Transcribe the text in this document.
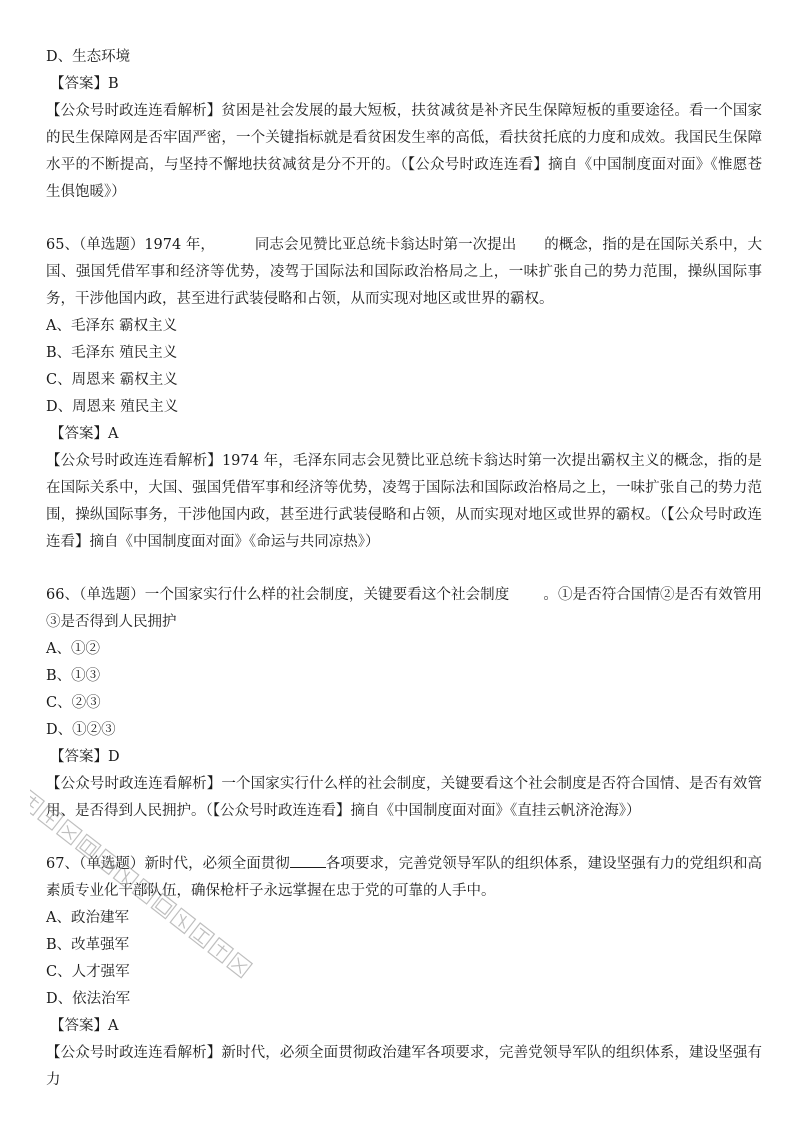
D、生态环境

【答案】B

【公众号时政连连看解析】贫困是社会发展的最大短板，扶贫减贫是补齐民生保障短板的重要途径。看一个国家的民生保障网是否牢固严密，一个关键指标就是看贫困发生率的高低，看扶贫托底的力度和成效。我国民生保障水平的不断提高，与坚持不懈地扶贫减贫是分不开的。（【公众号时政连连看】摘自《中国制度面对面》《惟愿苍生俱饱暖》）

65、（单选题）1974 年，	同志会见赞比亚总统卡翁达时第一次提出 的概念，指的是在国际关系中，大国、强国凭借军事和经济等优势，凌驾于国际法和国际政治格局之上，一味扩张自己的势力范围，操纵国际事务，干涉他国内政，甚至进行武装侵略和占领，从而实现对地区或世界的霸权。

A、毛泽东 霸权主义

B、毛泽东 殖民主义

C、周恩来 霸权主义

D、周恩来 殖民主义

【答案】A

【公众号时政连连看解析】1974 年，毛泽东同志会见赞比亚总统卡翁达时第一次提出霸权主义的概念，指的是在国际关系中，大国、强国凭借军事和经济等优势，凌驾于国际法和国际政治格局之上，一味扩张自己的势力范围，操纵国际事务，干涉他国内政，甚至进行武装侵略和占领，从而实现对地区或世界的霸权。（【公众号时政连连看】摘自《中国制度面对面》《命运与共同凉热》）

66、（单选题）一个国家实行什么样的社会制度，关键要看这个社会制度 。①是否符合国情②是否有效管用③是否得到人民拥护

A、①②

B、①③

C、②③

D、①②③

【答案】D

【公众号时政连连看解析】一个国家实行什么样的社会制度，关键要看这个社会制度是否符合国情、是否有效管用、是否得到人民拥护。（【公众号时政连连看】摘自《中国制度面对面》《直挂云帆济沧海》）

67、（单选题）新时代，必须全面贯彻 各项要求，完善党领导军队的组织体系，建设坚强有力的党组织和高素质专业化干部队伍，确保枪杆子永远掌握在忠于党的可靠的人手中。

A、政治建军

B、改革强军

C、人才强军

D、依法治军

【答案】A

【公众号时政连连看解析】新时代，必须全面贯彻政治建军各项要求，完善党领导军队的组织体系，建设坚强有力
